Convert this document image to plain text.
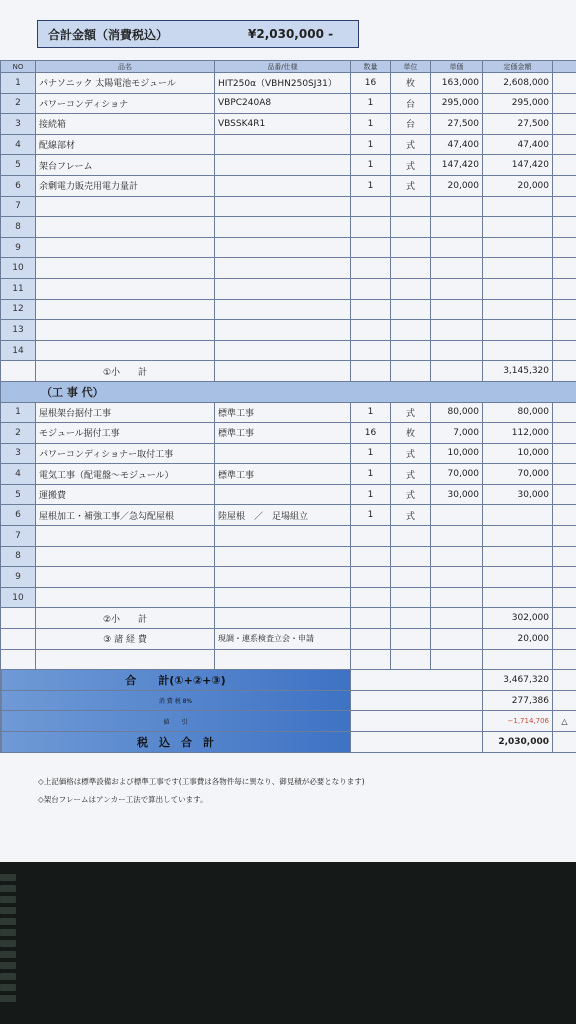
合計金額（消費税込）	¥2,030,000 -
NO	品名	品番/仕様	数量	単位	単価	定価金額	
1	パナソニック 太陽電池モジュール	HIT250α（VBHN250SJ31）	16	枚	163,000	2,608,000	
2	パワーコンディショナ	VBPC240A8	1	台	295,000	295,000	
3	接続箱	VBSSK4R1	1	台	27,500	27,500	
4	配線部材		1	式	47,400	47,400	
5	架台フレーム		1	式	147,420	147,420	
6	余剰電力販売用電力量計		1	式	20,000	20,000	
7							
8							
9							
10							
11							
12							
13							
14							
	①小　　計					3,145,320	
（工 事 代）							
1	屋根架台据付工事	標準工事	1	式	80,000	80,000	
2	モジュール据付工事	標準工事	16	枚	7,000	112,000	
3	パワーコンディショナー取付工事		1	式	10,000	10,000	
4	電気工事（配電盤～モジュール）	標準工事	1	式	70,000	70,000	
5	運搬費		1	式	30,000	30,000	
6	屋根加工・補強工事／急勾配屋根	陸屋根　／　足場組立	1	式			
7							
8							
9							
10							
	②小　　計					302,000	
	③ 諸 経 費	現調・連系検査立会・申請				20,000	

合　　計(①+②+③)						3,467,320	
消 費 税 8%						277,386	
値　　引						−1,714,706	△
税　込　合　計						2,030,000	
◇上記価格は標準設備および標準工事です(工事費は各物件毎に異なり、御見積が必要となります)
◇架台フレームはアンカー工法で算出しています。
